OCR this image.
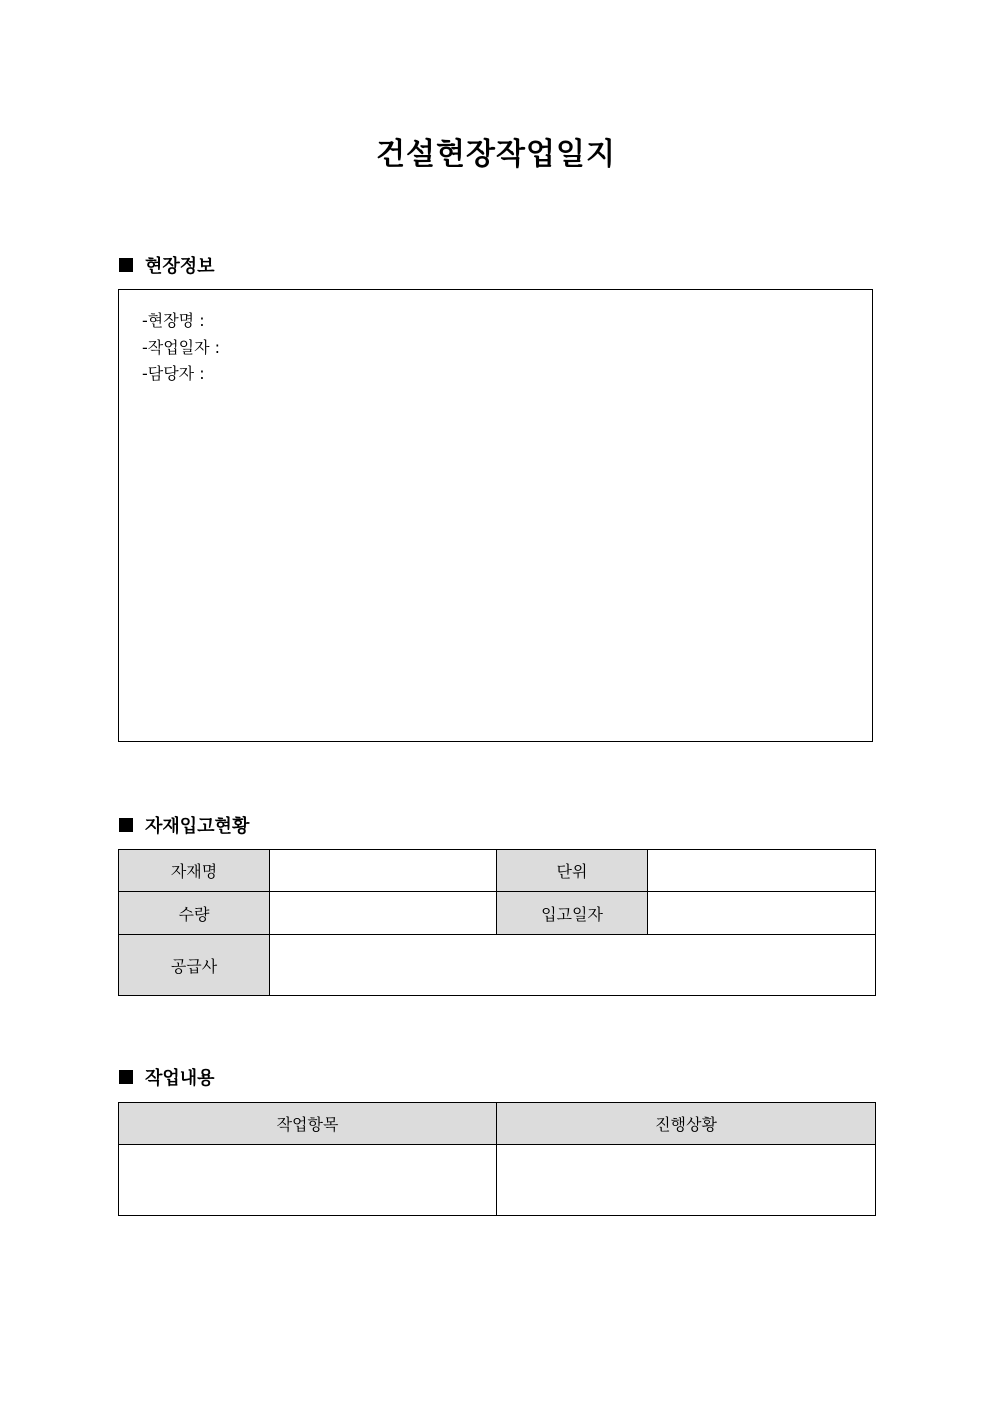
건설현장작업일지
현장정보
-현장명 :
-작업일자 :
-담당자 :
자재입고현황
자재명		단위	
수량		입고일자	
공급사			
작업내용
작업항목	진행상황
